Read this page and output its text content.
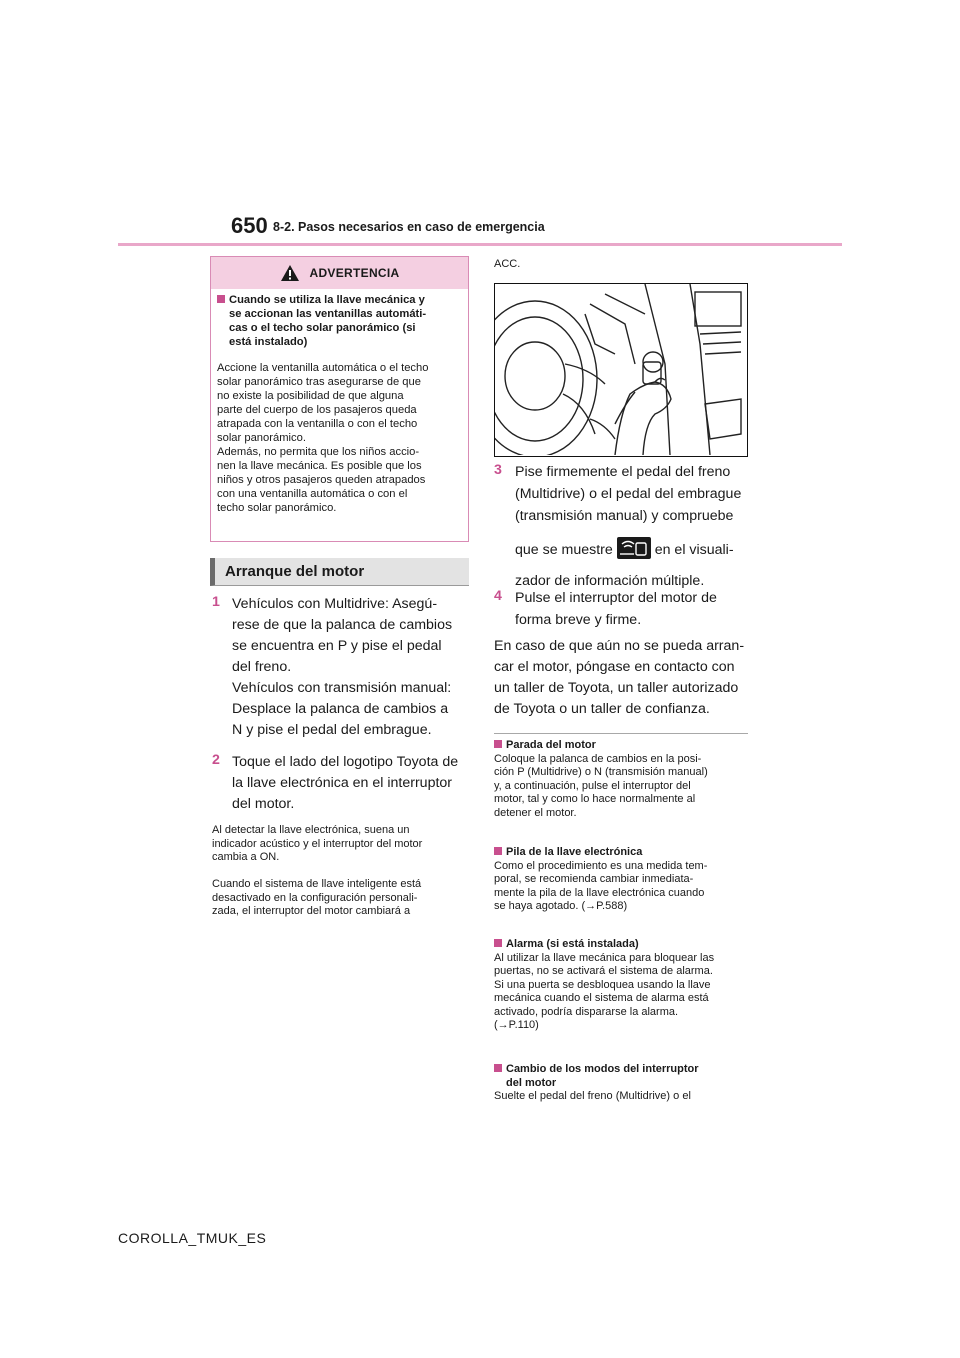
650 8-2. Pasos necesarios en caso de emergencia
ADVERTENCIA
Cuando se utiliza la llave mecánica y
se accionan las ventanillas automáti-
cas o el techo solar panorámico (si
está instalado)
Accione la ventanilla automática o el techo
solar panorámico tras asegurarse de que
no existe la posibilidad de que alguna
parte del cuerpo de los pasajeros queda
atrapada con la ventanilla o con el techo
solar panorámico.
Además, no permita que los niños accio-
nen la llave mecánica. Es posible que los
niños y otros pasajeros queden atrapados
con una ventanilla automática o con el
techo solar panorámico.
Arranque del motor
1 Vehículos con Multidrive: Asegú-
rese de que la palanca de cambios
se encuentra en P y pise el pedal
del freno.
Vehículos con transmisión manual:
Desplace la palanca de cambios a
N y pise el pedal del embrague.
2 Toque el lado del logotipo Toyota de
la llave electrónica en el interruptor
del motor.
Al detectar la llave electrónica, suena un
indicador acústico y el interruptor del motor
cambia a ON.
Cuando el sistema de llave inteligente está
desactivado en la configuración personali-
zada, el interruptor del motor cambiará a
ACC.
3 Pise firmemente el pedal del freno
(Multidrive) o el pedal del embrague
(transmisión manual) y compruebe
que se muestre	en el visuali-
zador de información múltiple.
4 Pulse el interruptor del motor de
forma breve y firme.
En caso de que aún no se pueda arran-
car el motor, póngase en contacto con
un taller de Toyota, un taller autorizado
de Toyota o un taller de confianza.
Parada del motor
Coloque la palanca de cambios en la posi-
ción P (Multidrive) o N (transmisión manual)
y, a continuación, pulse el interruptor del
motor, tal y como lo hace normalmente al
detener el motor.
Pila de la llave electrónica
Como el procedimiento es una medida tem-
poral, se recomienda cambiar inmediata-
mente la pila de la llave electrónica cuando
se haya agotado. (→P.588)
Alarma (si está instalada)
Al utilizar la llave mecánica para bloquear las
puertas, no se activará el sistema de alarma.
Si una puerta se desbloquea usando la llave
mecánica cuando el sistema de alarma está
activado, podría dispararse la alarma.
(→P.110)
Cambio de los modos del interruptor
del motor
Suelte el pedal del freno (Multidrive) o el
COROLLA_TMUK_ES
